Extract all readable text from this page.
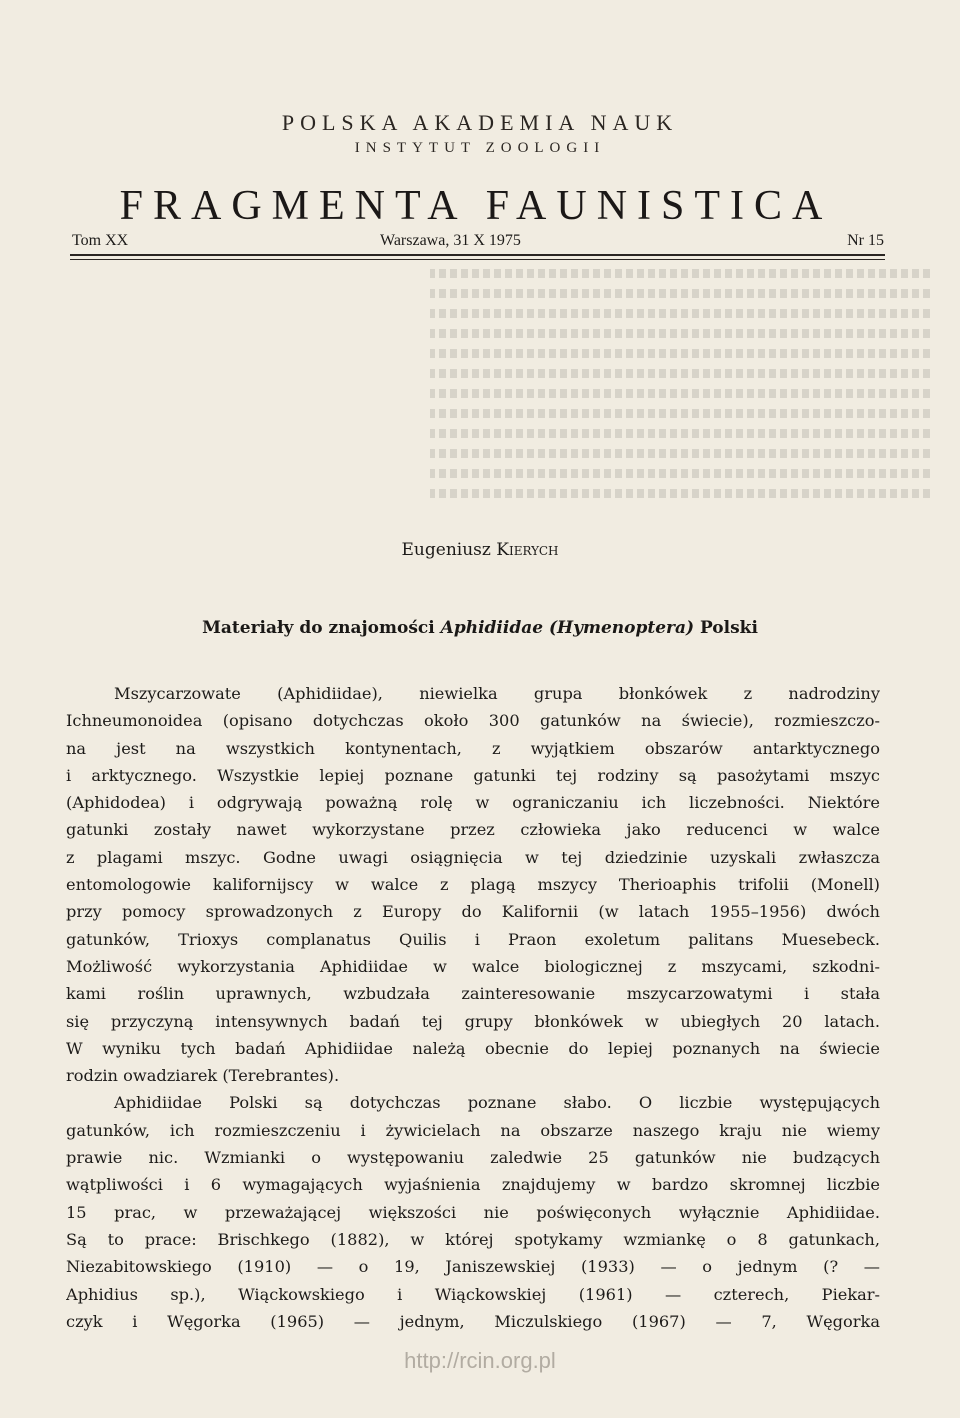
POLSKA AKADEMIA NAUK
INSTYTUT ZOOLOGII
FRAGMENTA FAUNISTICA
Tom XX	Warszawa, 31 X 1975	Nr 15
Eugeniusz Kierych
Materiały do znajomości Aphidiidae (Hymenoptera) Polski
Mszycarzowate (Aphidiidae), niewielka grupa błonkówek z nadrodziny
Ichneumonoidea (opisano dotychczas około 300 gatunków na świecie), rozmieszczo-
na jest na wszystkich kontynentach, z wyjątkiem obszarów antarktycznego
i arktycznego. Wszystkie lepiej poznane gatunki tej rodziny są pasożytami mszyc
(Aphidodea) i odgrywają poważną rolę w ograniczaniu ich liczebności. Niektóre
gatunki zostały nawet wykorzystane przez człowieka jako reducenci w walce
z plagami mszyc. Godne uwagi osiągnięcia w tej dziedzinie uzyskali zwłaszcza
entomologowie kalifornijscy w walce z plagą mszycy Therioaphis trifolii (Monell)
przy pomocy sprowadzonych z Europy do Kalifornii (w latach 1955–1956) dwóch
gatunków, Trioxys complanatus Quilis i Praon exoletum palitans Muesebeck.
Możliwość wykorzystania Aphidiidae w walce biologicznej z mszycami, szkodni-
kami roślin uprawnych, wzbudzała zainteresowanie mszycarzowatymi i stała
się przyczyną intensywnych badań tej grupy błonkówek w ubiegłych 20 latach.
W wyniku tych badań Aphidiidae należą obecnie do lepiej poznanych na świecie
rodzin owadziarek (Terebrantes).
Aphidiidae Polski są dotychczas poznane słabo. O liczbie występujących
gatunków, ich rozmieszczeniu i żywicielach na obszarze naszego kraju nie wiemy
prawie nic. Wzmianki o występowaniu zaledwie 25 gatunków nie budzących
wątpliwości i 6 wymagających wyjaśnienia znajdujemy w bardzo skromnej liczbie
15 prac, w przeważającej większości nie poświęconych wyłącznie Aphidiidae.
Są to prace: Brischkego (1882), w której spotykamy wzmiankę o 8 gatunkach,
Niezabitowskiego (1910) — o 19, Janiszewskiej (1933) — o jednym (? —
Aphidius sp.), Wiąckowskiego i Wiąckowskiej (1961) — czterech, Piekar-
czyk i Węgorka (1965) — jednym, Miczulskiego (1967) — 7, Węgorka
http://rcin.org.pl
